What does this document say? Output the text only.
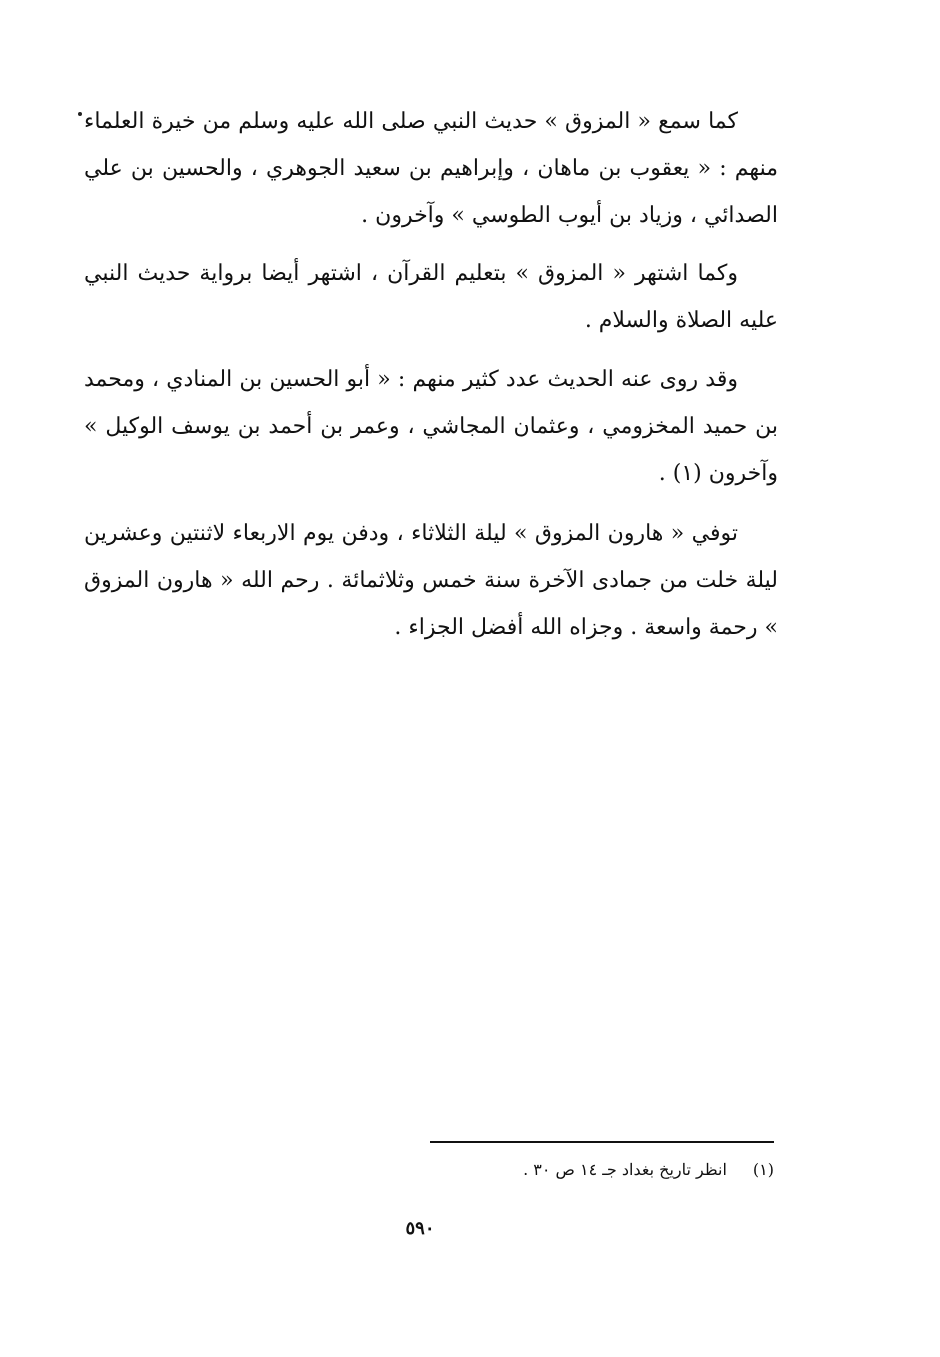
كما سمع « المزوق » حديث النبي صلى الله عليه وسلم من خيرة العلماء منهم : « يعقوب بن ماهان ، وإبراهيم بن سعيد الجوهري ، والحسين بن علي الصدائي ، وزياد بن أيوب الطوسي » وآخرون .

وكما اشتهر « المزوق » بتعليم القرآن ، اشتهر أيضا برواية حديث النبي عليه الصلاة والسلام .

وقد روى عنه الحديث عدد كثير منهم : « أبو الحسين بن المنادي ، ومحمد بن حميد المخزومي ، وعثمان المجاشي ، وعمر بن أحمد بن يوسف الوكيل » وآخرون (١) .

توفي « هارون المزوق » ليلة الثلاثاء ، ودفن يوم الاربعاء لاثنتين وعشرين ليلة خلت من جمادى الآخرة سنة خمس وثلاثمائة . رحم الله « هارون المزوق » رحمة واسعة . وجزاه الله أفضل الجزاء .

(١)انظر تاريخ بغداد جـ ١٤ ص ٣٠ .

٥٩٠
